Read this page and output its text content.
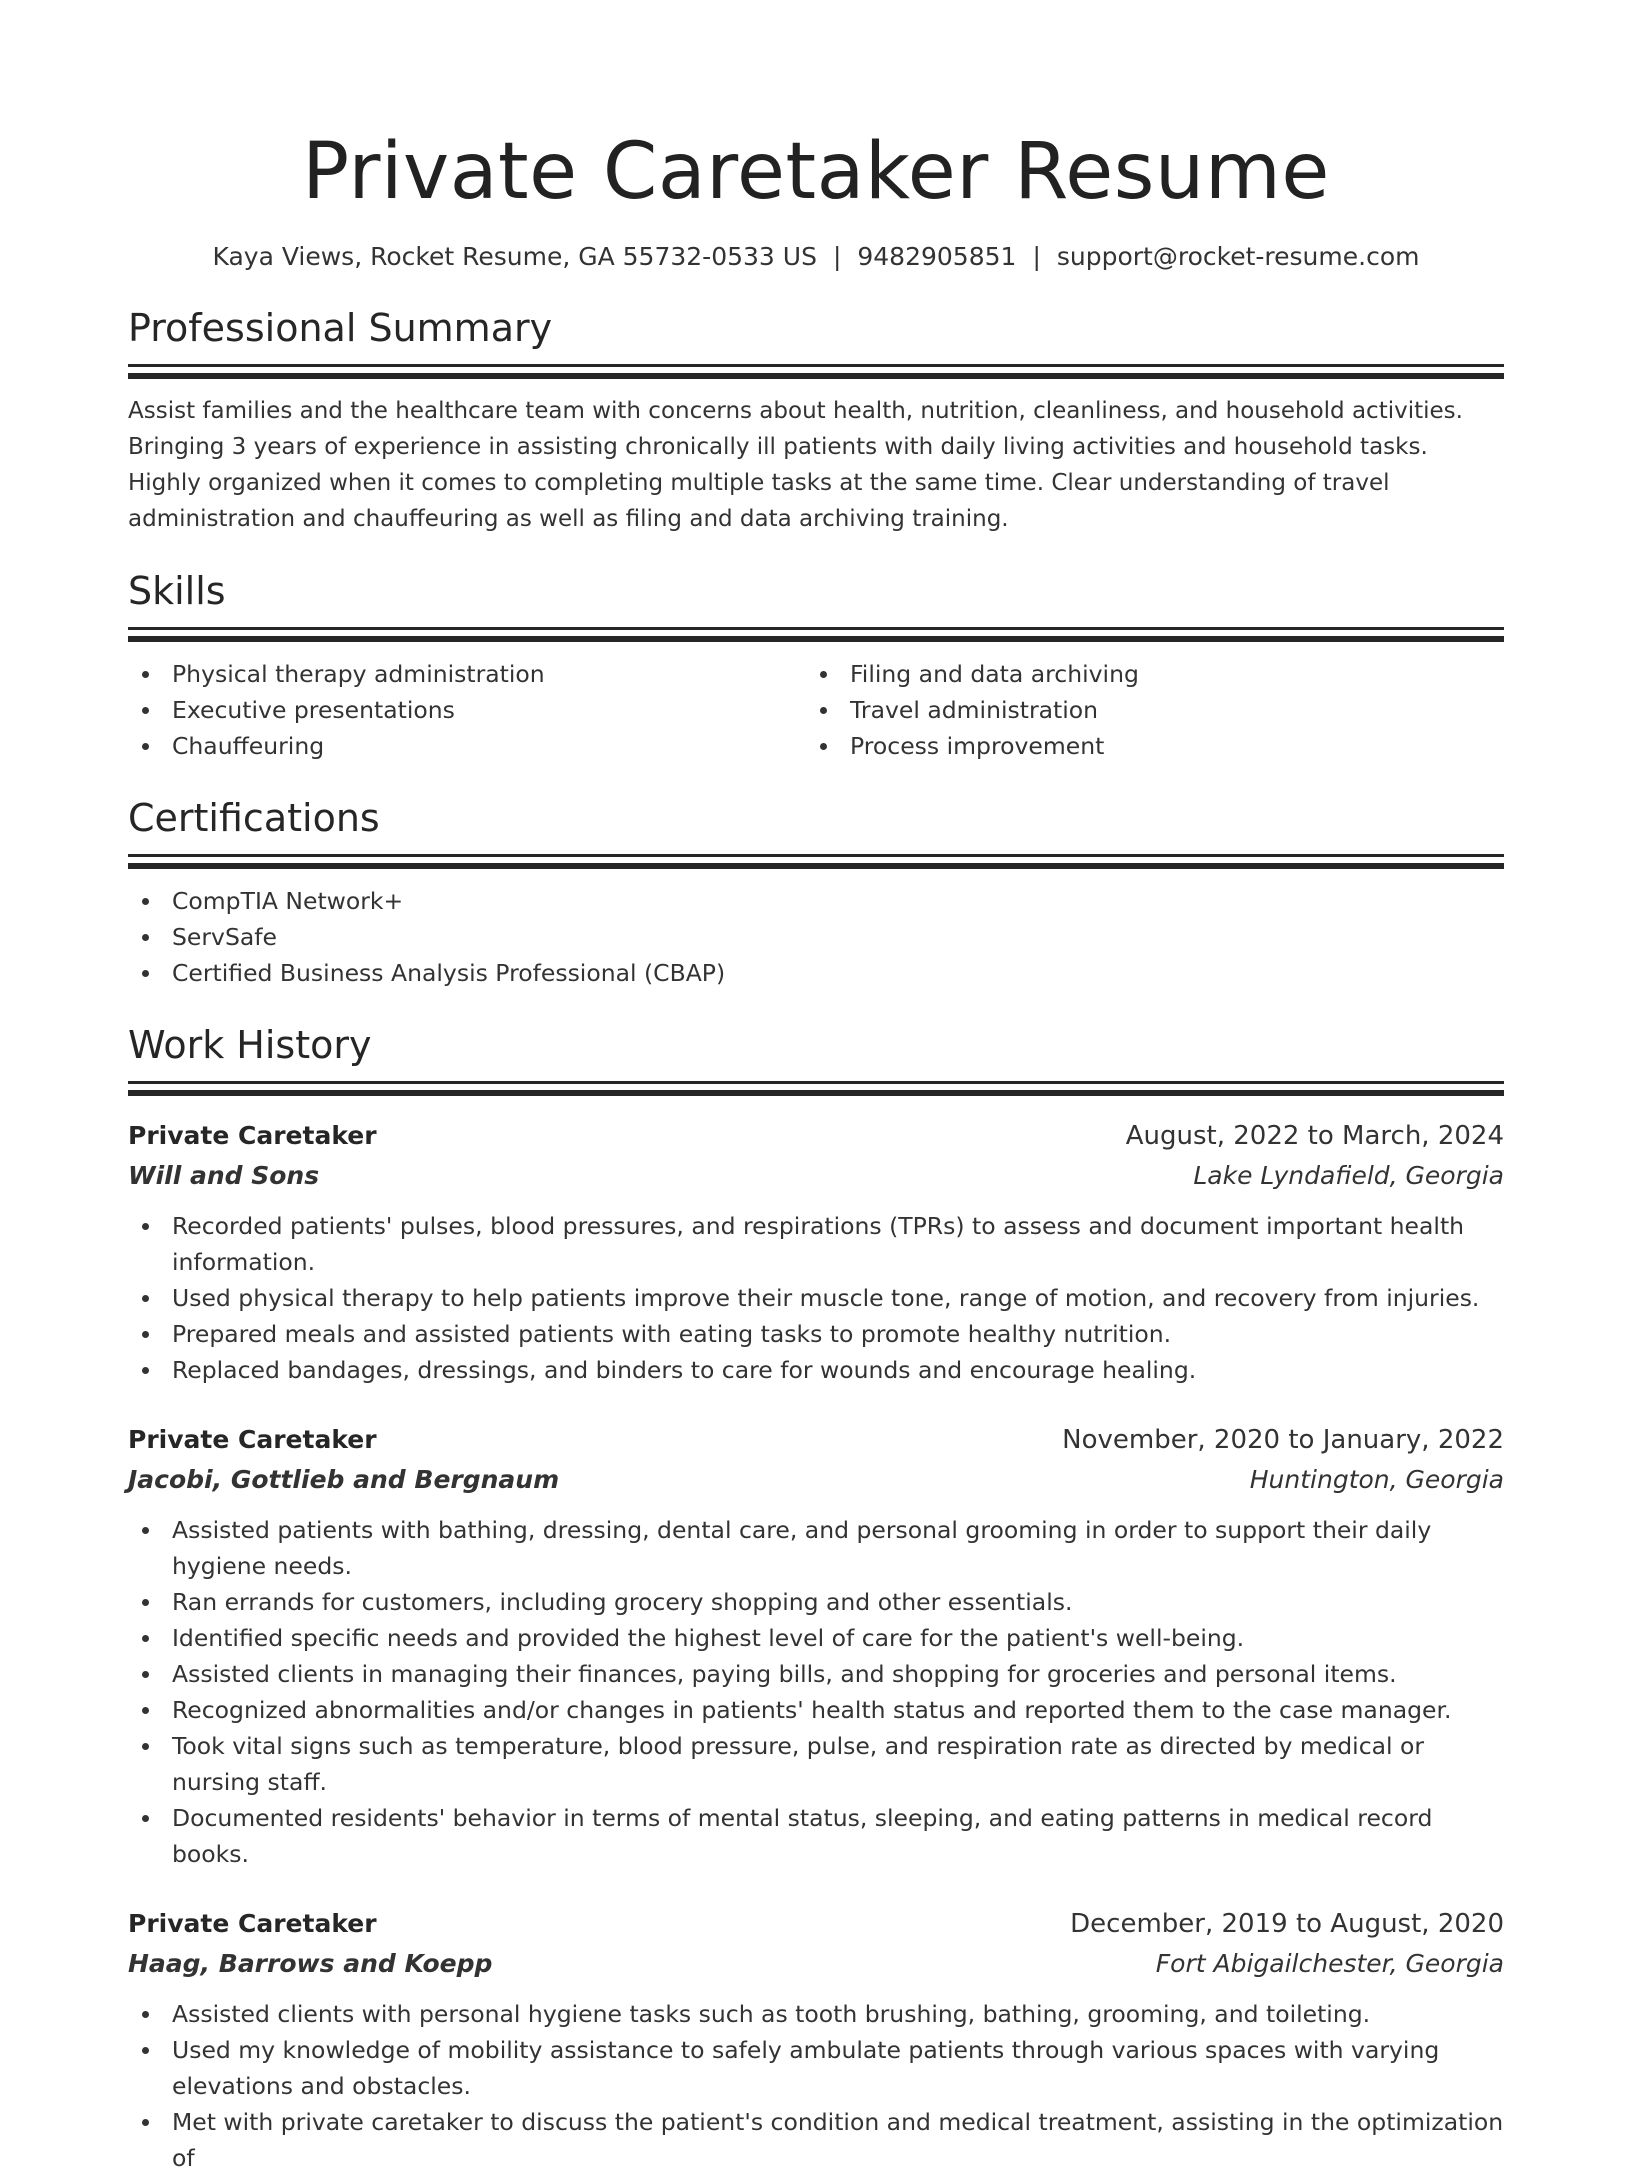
Private Caretaker Resume
Kaya Views, Rocket Resume, GA 55732-0533 US | 9482905851 | support@rocket-resume.com
Professional Summary

Assist families and the healthcare team with concerns about health, nutrition, cleanliness, and household activities. Bringing 3 years of experience in assisting chronically ill patients with daily living activities and household tasks. Highly organized when it comes to completing multiple tasks at the same time. Clear understanding of travel administration and chauffeuring as well as filing and data archiving training.

Skills
Physical therapy administration
Executive presentations
Chauffeuring
Filing and data archiving
Travel administration
Process improvement
Certifications
CompTIA Network+
ServSafe
Certified Business Analysis Professional (CBAP)
Work History
Private Caretaker	August, 2022 to March, 2024
Will and Sons	Lake Lyndafield, Georgia
Recorded patients' pulses, blood pressures, and respirations (TPRs) to assess and document important health information.
Used physical therapy to help patients improve their muscle tone, range of motion, and recovery from injuries.
Prepared meals and assisted patients with eating tasks to promote healthy nutrition.
Replaced bandages, dressings, and binders to care for wounds and encourage healing.
Private Caretaker	November, 2020 to January, 2022
Jacobi, Gottlieb and Bergnaum	Huntington, Georgia
Assisted patients with bathing, dressing, dental care, and personal grooming in order to support their daily hygiene needs.
Ran errands for customers, including grocery shopping and other essentials.
Identified specific needs and provided the highest level of care for the patient's well-being.
Assisted clients in managing their finances, paying bills, and shopping for groceries and personal items.
Recognized abnormalities and/or changes in patients' health status and reported them to the case manager.
Took vital signs such as temperature, blood pressure, pulse, and respiration rate as directed by medical or nursing staff.
Documented residents' behavior in terms of mental status, sleeping, and eating patterns in medical record books.
Private Caretaker	December, 2019 to August, 2020
Haag, Barrows and Koepp	Fort Abigailchester, Georgia
Assisted clients with personal hygiene tasks such as tooth brushing, bathing, grooming, and toileting.
Used my knowledge of mobility assistance to safely ambulate patients through various spaces with varying elevations and obstacles.
Met with private caretaker to discuss the patient's condition and medical treatment, assisting in the optimization of
